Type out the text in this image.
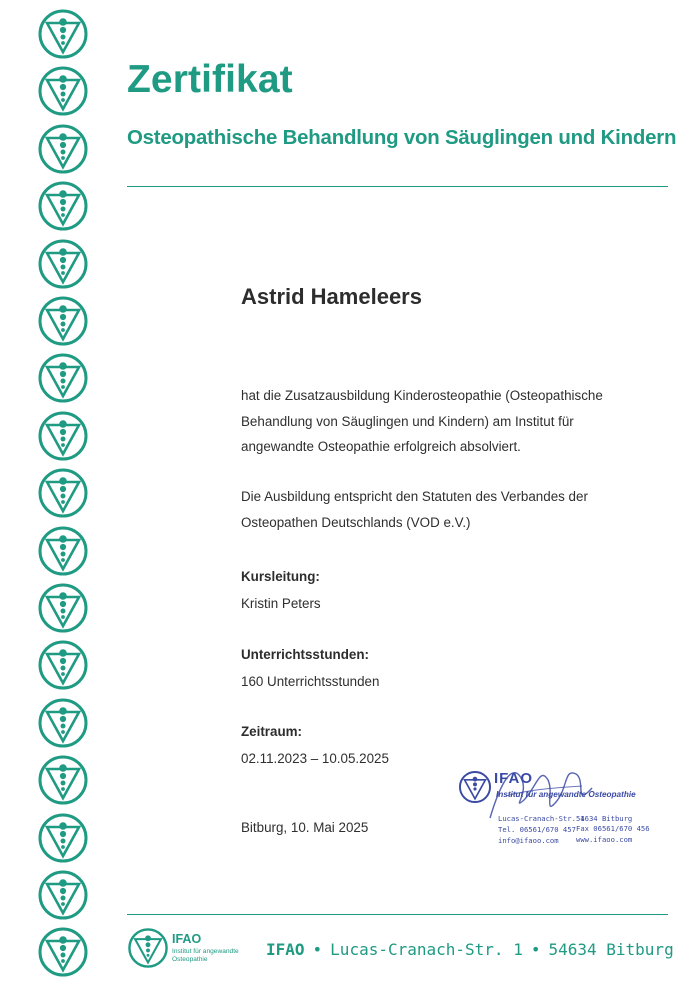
Zertifikat
Osteopathische Behandlung von Säuglingen und Kindern
Astrid Hameleers
hat die Zusatzausbildung Kinderosteopathie (Osteopathische
Behandlung von Säuglingen und Kindern) am Institut für
angewandte Osteopathie erfolgreich absolviert.
Die Ausbildung entspricht den Statuten des Verbandes der
Osteopathen Deutschlands (VOD e.V.)
Kursleitung:
Kristin Peters
Unterrichtsstunden:
160 Unterrichtsstunden
Zeitraum:
02.11.2023 – 10.05.2025
Bitburg, 10. Mai 2025
IFAO
Institut für angewandte Osteopathie
Lucas-Cranach-Str. 1
54634 Bitburg
Tel. 06561/670 457 Fax 06561/670 456
info@ifaoo.com www.ifaoo.com
IFAO
Institut für angewandte
Osteopathie
IFAO • Lucas-Cranach-Str. 1 • 54634 Bitburg
